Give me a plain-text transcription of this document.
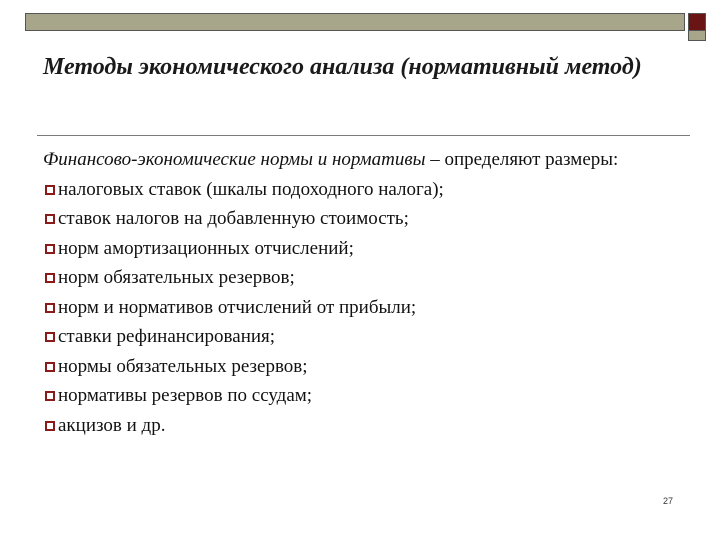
Методы экономического анализа (нормативный метод)
Финансово-экономические нормы и нормативы – определяют размеры:
налоговых ставок (шкалы подоходного налога);
ставок налогов на добавленную стоимость;
норм амортизационных отчислений;
норм обязательных резервов;
норм и нормативов отчислений от прибыли;
ставки рефинансирования;
нормы обязательных резервов;
нормативы резервов по ссудам;
акцизов и др.
27
